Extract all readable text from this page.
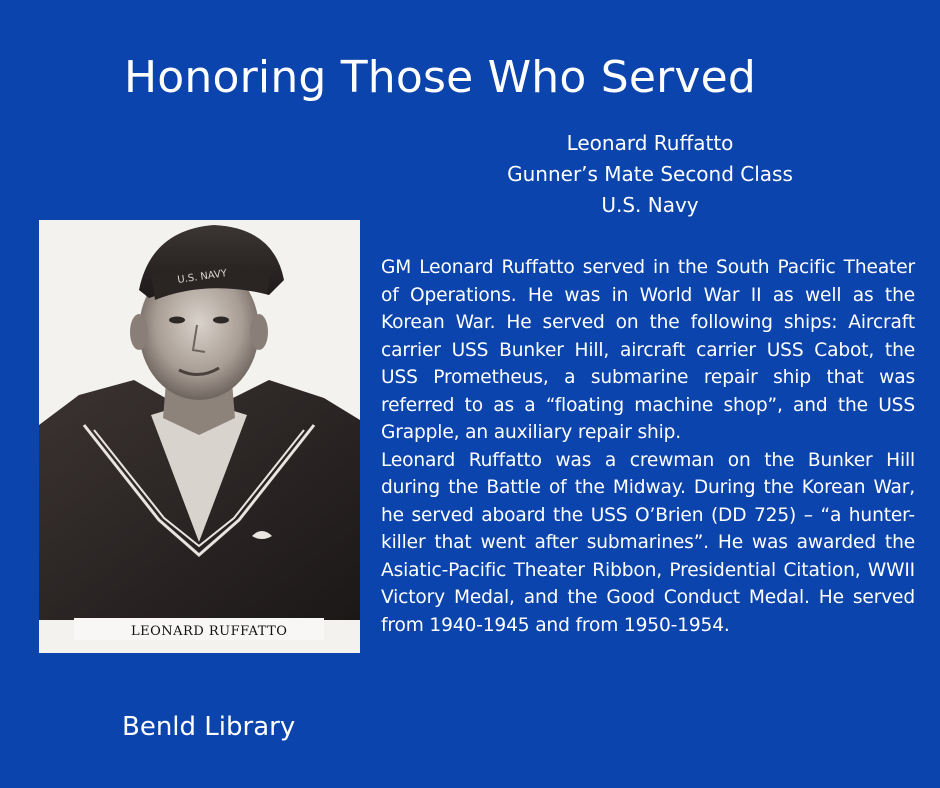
Honoring Those Who Served
Leonard Ruffatto
Gunner’s Mate Second Class
U.S. Navy
U.S. NAVY
LEONARD RUFFATTO

GM Leonard Ruffatto served in the South Pacific Theater of Operations. He was in World War II as well as the Korean War. He served on the following ships: Aircraft carrier USS Bunker Hill, aircraft carrier USS Cabot, the USS Prometheus, a submarine repair ship that was referred to as a “floating machine shop”, and the USS Grapple, an auxiliary repair ship.

Leonard Ruffatto was a crewman on the Bunker Hill during the Battle of the Midway. During the Korean War, he served aboard the USS O’Brien (DD 725) – “a hunter-killer that went after submarines”. He was awarded the Asiatic-Pacific Theater Ribbon, Presidential Citation, WWII Victory Medal, and the Good Conduct Medal. He served from 1940-1945 and from 1950-1954.

Benld Library
